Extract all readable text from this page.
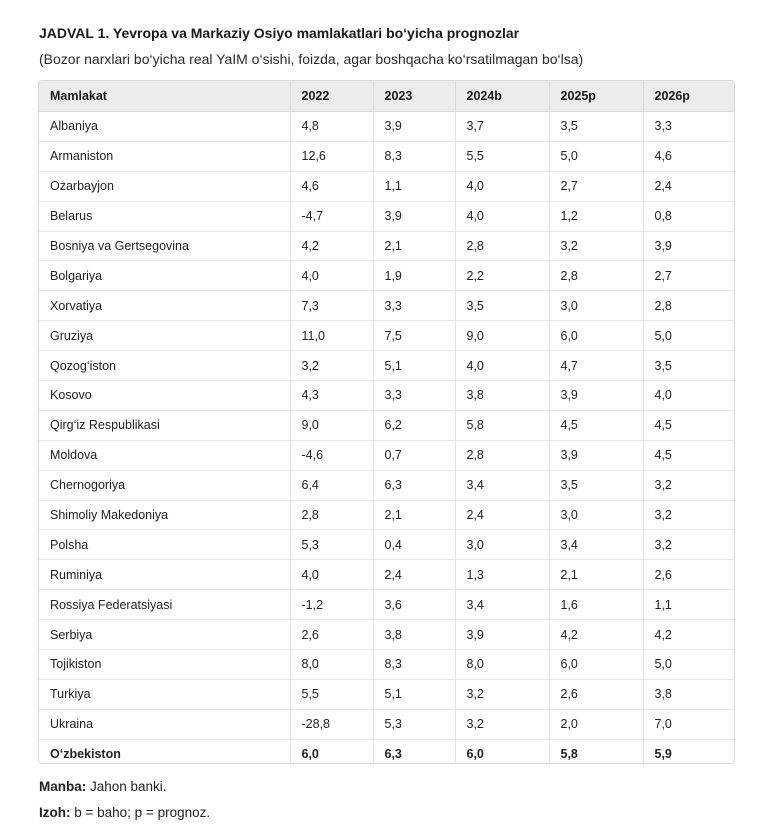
JADVAL 1. Yevropa va Markaziy Osiyo mamlakatlari bo‘yicha prognozlar
(Bozor narxlari bo‘yicha real YaIM o‘sishi, foizda, agar boshqacha ko‘rsatilmagan bo‘lsa)
Mamlakat	2022	2023	2024b	2025p	2026p
Albaniya	4,8	3,9	3,7	3,5	3,3
Armaniston	12,6	8,3	5,5	5,0	4,6
Ozarbayjon	4,6	1,1	4,0	2,7	2,4
Belarus	-4,7	3,9	4,0	1,2	0,8
Bosniya va Gertsegovina	4,2	2,1	2,8	3,2	3,9
Bolgariya	4,0	1,9	2,2	2,8	2,7
Xorvatiya	7,3	3,3	3,5	3,0	2,8
Gruziya	11,0	7,5	9,0	6,0	5,0
Qozog‘iston	3,2	5,1	4,0	4,7	3,5
Kosovo	4,3	3,3	3,8	3,9	4,0
Qirg‘iz Respublikasi	9,0	6,2	5,8	4,5	4,5
Moldova	-4,6	0,7	2,8	3,9	4,5
Chernogoriya	6,4	6,3	3,4	3,5	3,2
Shimoliy Makedoniya	2,8	2,1	2,4	3,0	3,2
Polsha	5,3	0,4	3,0	3,4	3,2
Ruminiya	4,0	2,4	1,3	2,1	2,6
Rossiya Federatsiyasi	-1,2	3,6	3,4	1,6	1,1
Serbiya	2,6	3,8	3,9	4,2	4,2
Tojikiston	8,0	8,3	8,0	6,0	5,0
Turkiya	5,5	5,1	3,2	2,6	3,8
Ukraina	-28,8	5,3	3,2	2,0	7,0
O‘zbekiston	6,0	6,3	6,0	5,8	5,9
Manba: Jahon banki.
Izoh: b = baho; p = prognoz.
